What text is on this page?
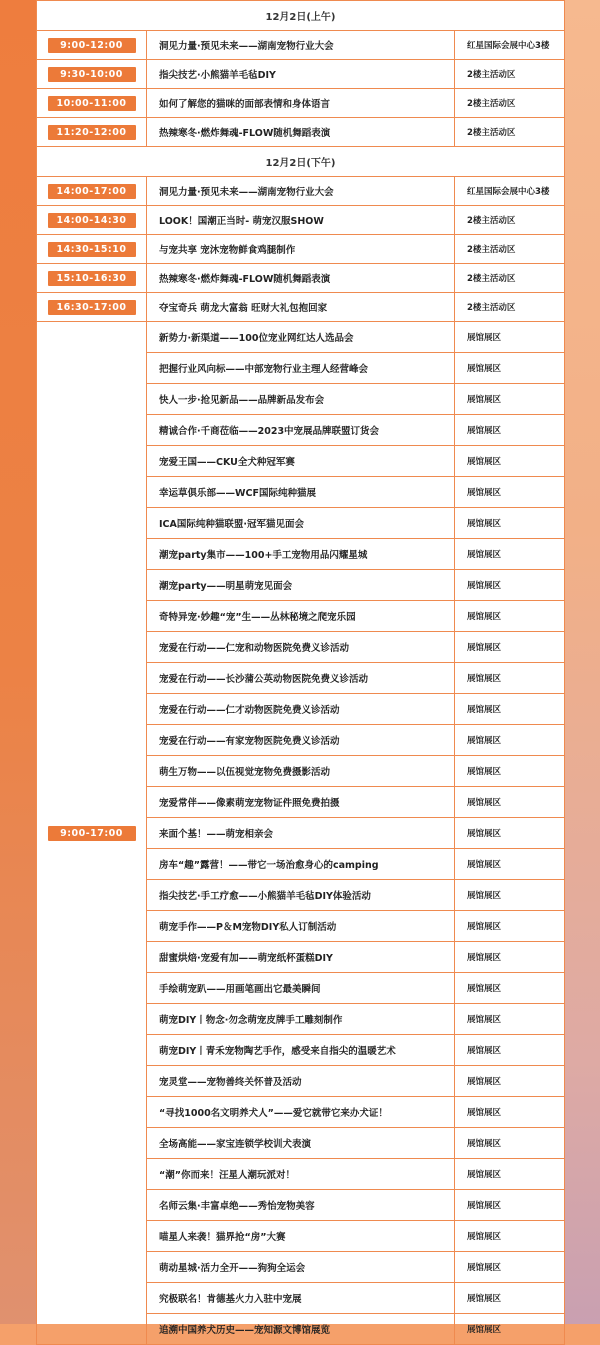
12月2日(上午)		
9:00-12:00	洞见力量·预见未来——湖南宠物行业大会	红星国际会展中心3楼
9:30-10:00	指尖技艺·小熊猫羊毛毡DIY	2楼主活动区
10:00-11:00	如何了解您的猫咪的面部表情和身体语言	2楼主活动区
11:20-12:00	热辣寒冬·燃炸舞魂-FLOW随机舞蹈表演	2楼主活动区
12月2日(下午)		
14:00-17:00	洞见力量·预见未来——湖南宠物行业大会	红星国际会展中心3楼
14:00-14:30	LOOK！国潮正当时- 萌宠汉服SHOW	2楼主活动区
14:30-15:10	与宠共享 宠沐宠物鲜食鸡腿制作	2楼主活动区
15:10-16:30	热辣寒冬·燃炸舞魂-FLOW随机舞蹈表演	2楼主活动区
16:30-17:00	夺宝奇兵 萌龙大富翁 旺财大礼包抱回家	2楼主活动区
9:00-17:00	新势力·新渠道——100位宠业网红达人选品会	展馆展区
	把握行业风向标——中部宠物行业主理人经营峰会	展馆展区
	快人一步·抢见新品——品牌新品发布会	展馆展区
	精诚合作·千商莅临——2023中宠展品牌联盟订货会	展馆展区
	宠爱王国——CKU全犬种冠军赛	展馆展区
	幸运草俱乐部——WCF国际纯种猫展	展馆展区
	ICA国际纯种猫联盟·冠军猫见面会	展馆展区
	潮宠party集市——100+手工宠物用品闪耀星城	展馆展区
	潮宠party——明星萌宠见面会	展馆展区
	奇特异宠·妙趣“宠”生——丛林秘境之爬宠乐园	展馆展区
	宠爱在行动——仁宠和动物医院免费义诊活动	展馆展区
	宠爱在行动——长沙蒲公英动物医院免费义诊活动	展馆展区
	宠爱在行动——仁才动物医院免费义诊活动	展馆展区
	宠爱在行动——有家宠物医院免费义诊活动	展馆展区
	萌生万物——以伍视觉宠物免费摄影活动	展馆展区
	宠爱常伴——像素萌宠宠物证件照免费拍摄	展馆展区
	来面个基！——萌宠相亲会	展馆展区
	房车“趣”露营！——带它一场治愈身心的camping	展馆展区
	指尖技艺·手工疗愈——小熊猫羊毛毡DIY体验活动	展馆展区
	萌宠手作——P＆M宠物DIY私人订制活动	展馆展区
	甜蜜烘焙·宠爱有加——萌宠纸杯蛋糕DIY	展馆展区
	手绘萌宠趴——用画笔画出它最美瞬间	展馆展区
	萌宠DIY丨物念·勿念萌宠皮牌手工雕刻制作	展馆展区
	萌宠DIY丨青禾宠物陶艺手作，感受来自指尖的温暖艺术	展馆展区
	宠灵堂——宠物善终关怀普及活动	展馆展区
	“寻找1000名文明养犬人”——爱它就带它来办犬证！	展馆展区
	全场高能——家宝连锁学校训犬表演	展馆展区
	“潮”你而来！汪星人潮玩派对！	展馆展区
	名师云集·丰富卓绝——秀怡宠物美容	展馆展区
	喵星人来袭！猫界抢“房”大赛	展馆展区
	萌动星城·活力全开——狗狗全运会	展馆展区
	究极联名！肯德基火力入驻中宠展	展馆展区
	追溯中国养犬历史——宠知源文博馆展览	展馆展区
